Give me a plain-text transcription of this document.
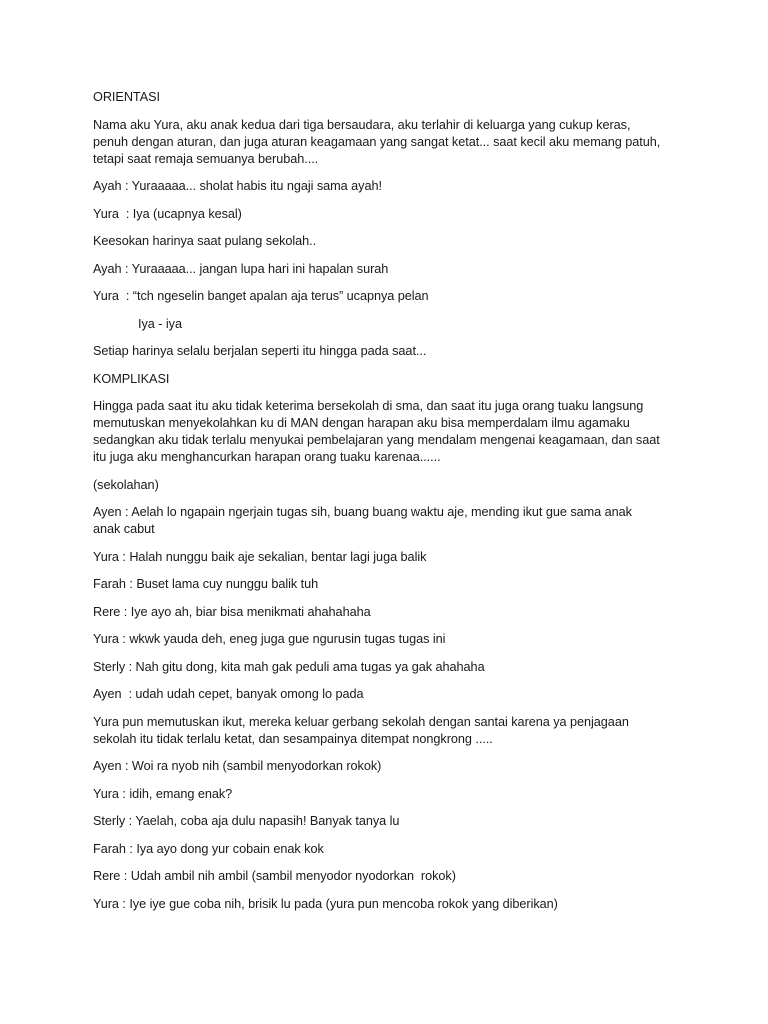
ORIENTASI

Nama aku Yura, aku anak kedua dari tiga bersaudara, aku terlahir di keluarga yang cukup keras,
penuh dengan aturan, dan juga aturan keagamaan yang sangat ketat... saat kecil aku memang patuh,
tetapi saat remaja semuanya berubah....

Ayah : Yuraaaaa... sholat habis itu ngaji sama ayah!

Yura  : Iya (ucapnya kesal)

Keesokan harinya saat pulang sekolah..

Ayah : Yuraaaaa... jangan lupa hari ini hapalan surah

Yura  : “tch ngeselin banget apalan aja terus” ucapnya pelan

Iya - iya

Setiap harinya selalu berjalan seperti itu hingga pada saat...

KOMPLIKASI

Hingga pada saat itu aku tidak keterima bersekolah di sma, dan saat itu juga orang tuaku langsung
memutuskan menyekolahkan ku di MAN dengan harapan aku bisa memperdalam ilmu agamaku
sedangkan aku tidak terlalu menyukai pembelajaran yang mendalam mengenai keagamaan, dan saat
itu juga aku menghancurkan harapan orang tuaku karenaa......

(sekolahan)

Ayen : Aelah lo ngapain ngerjain tugas sih, buang buang waktu aje, mending ikut gue sama anak
anak cabut

Yura : Halah nunggu baik aje sekalian, bentar lagi juga balik

Farah : Buset lama cuy nunggu balik tuh

Rere : Iye ayo ah, biar bisa menikmati ahahahaha

Yura : wkwk yauda deh, eneg juga gue ngurusin tugas tugas ini

Sterly : Nah gitu dong, kita mah gak peduli ama tugas ya gak ahahaha

Ayen  : udah udah cepet, banyak omong lo pada

Yura pun memutuskan ikut, mereka keluar gerbang sekolah dengan santai karena ya penjagaan
sekolah itu tidak terlalu ketat, dan sesampainya ditempat nongkrong .....

Ayen : Woi ra nyob nih (sambil menyodorkan rokok)

Yura : idih, emang enak?

Sterly : Yaelah, coba aja dulu napasih! Banyak tanya lu

Farah : Iya ayo dong yur cobain enak kok

Rere : Udah ambil nih ambil (sambil menyodor nyodorkan  rokok)

Yura : Iye iye gue coba nih, brisik lu pada (yura pun mencoba rokok yang diberikan)
